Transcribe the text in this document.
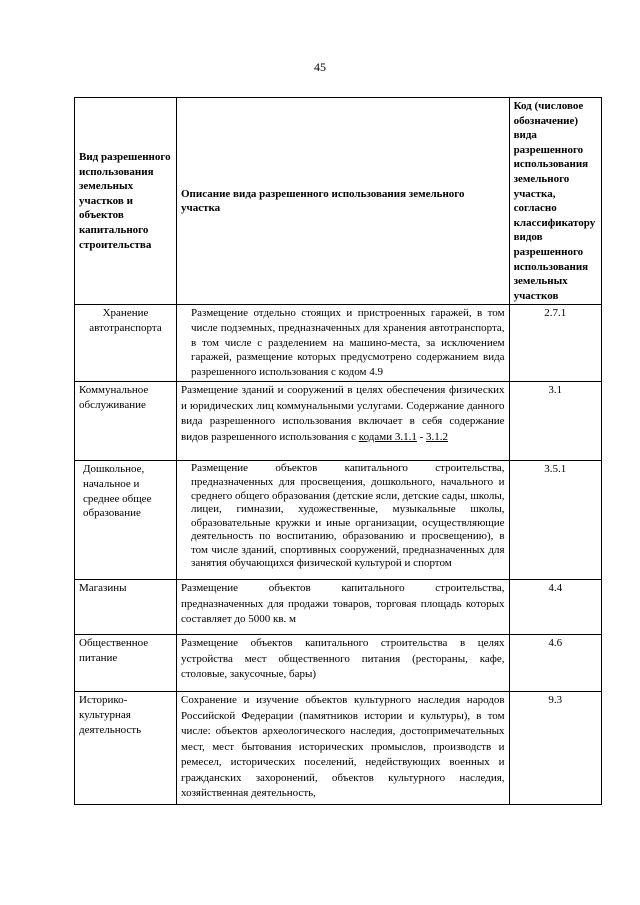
45
Вид разрешенного использования земельных участков и объектов капитального строительства	Описание вида разрешенного использования земельного участка	Код (числовое обозначение) вида разрешенного использования земельного участка, согласно классификатору видов разрешенного использования земельных участков
Хранение автотранспорта	Размещение отдельно стоящих и пристроенных гаражей, в том числе подземных, предназначенных для хранения автотранспорта, в том числе с разделением на машино-места, за исключением гаражей, размещение которых предусмотрено содержанием вида разрешенного использования с кодом 4.9	2.7.1
Коммунальное обслуживание	Размещение зданий и сооружений в целях обеспечения физических и юридических лиц коммунальными услугами. Содержание данного вида разрешенного использования включает в себя содержание видов разрешенного использования с кодами 3.1.1 - 3.1.2	3.1
Дошкольное, начальное и среднее общее образование	Размещение объектов капитального строительства, предназначенных для просвещения, дошкольного, начального и среднего общего образования (детские ясли, детские сады, школы, лицеи, гимназии, художественные, музыкальные школы, образовательные кружки и иные организации, осуществляющие деятельность по воспитанию, образованию и просвещению), в том числе зданий, спортивных сооружений, предназначенных для занятия обучающихся физической культурой и спортом	3.5.1
Магазины	Размещение объектов капитального строительства, предназначенных для продажи товаров, торговая площадь которых составляет до 5000 кв. м	4.4
Общественное питание	Размещение объектов капитального строительства в целях устройства мест общественного питания (рестораны, кафе, столовые, закусочные, бары)	4.6
Историко-культурная деятельность	Сохранение и изучение объектов культурного наследия народов Российской Федерации (памятников истории и культуры), в том числе: объектов археологического наследия, достопримечательных мест, мест бытования исторических промыслов, производств и ремесел, исторических поселений, недействующих военных и гражданских захоронений, объектов культурного наследия, хозяйственная деятельность,	9.3
